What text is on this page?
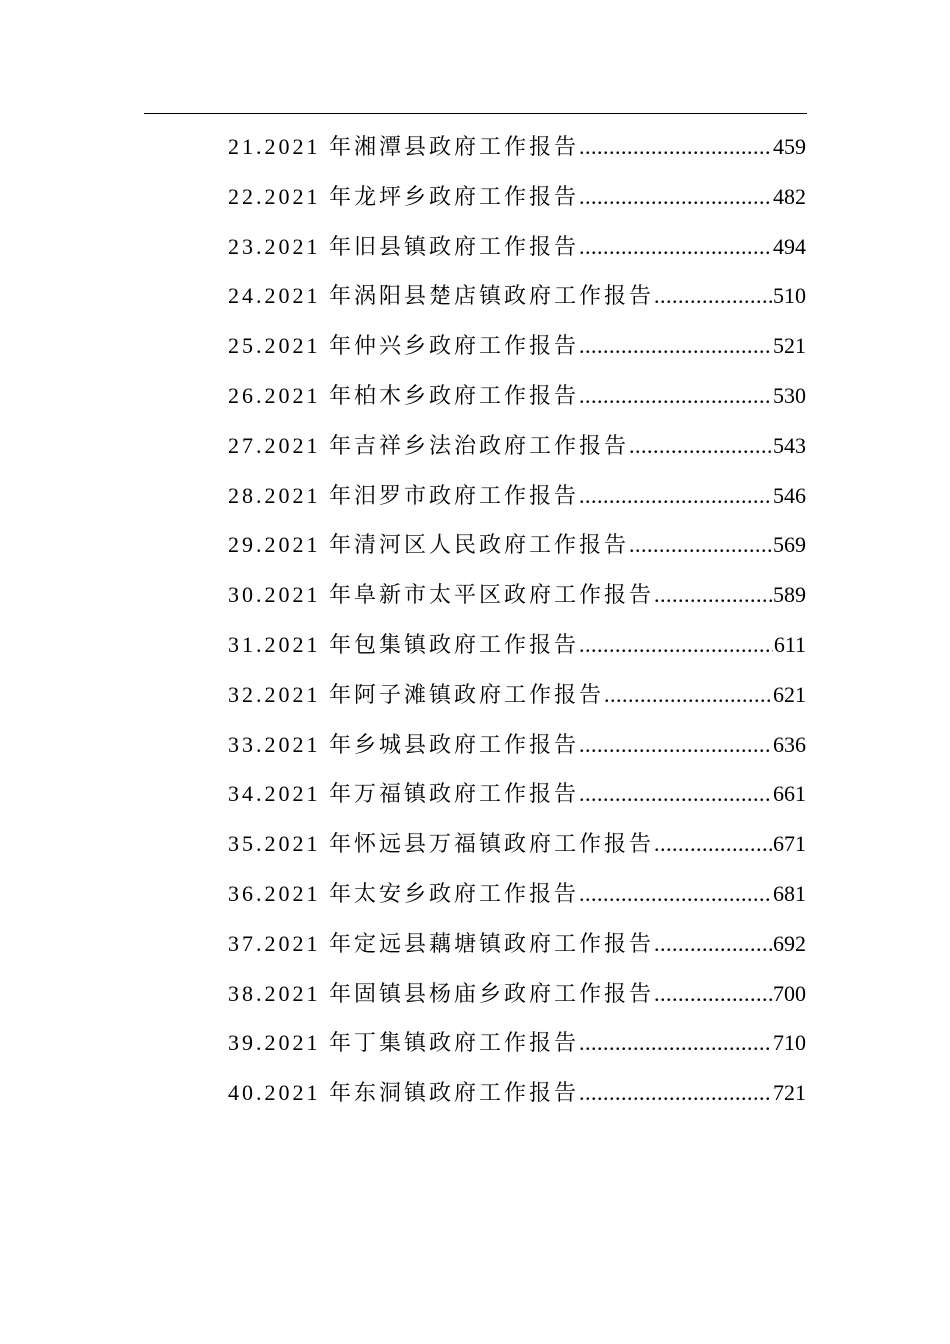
21.2021 年湘潭县政府工作报告 .....	459
22.2021 年龙坪乡政府工作报告 .....	482
23.2021 年旧县镇政府工作报告 .....	494
24.2021 年涡阳县楚店镇政府工作报告 .....	510
25.2021 年仲兴乡政府工作报告 .....	521
26.2021 年柏木乡政府工作报告 .....	530
27.2021 年吉祥乡法治政府工作报告 .....	543
28.2021 年汨罗市政府工作报告 .....	546
29.2021 年清河区人民政府工作报告 .....	569
30.2021 年阜新市太平区政府工作报告 .....	589
31.2021 年包集镇政府工作报告 .....	611
32.2021 年阿子滩镇政府工作报告 .....	621
33.2021 年乡城县政府工作报告 .....	636
34.2021 年万福镇政府工作报告 .....	661
35.2021 年怀远县万福镇政府工作报告 .....	671
36.2021 年太安乡政府工作报告 .....	681
37.2021 年定远县藕塘镇政府工作报告 .....	692
38.2021 年固镇县杨庙乡政府工作报告 .....	700
39.2021 年丁集镇政府工作报告 .....	710
40.2021 年东洞镇政府工作报告 .....	721
